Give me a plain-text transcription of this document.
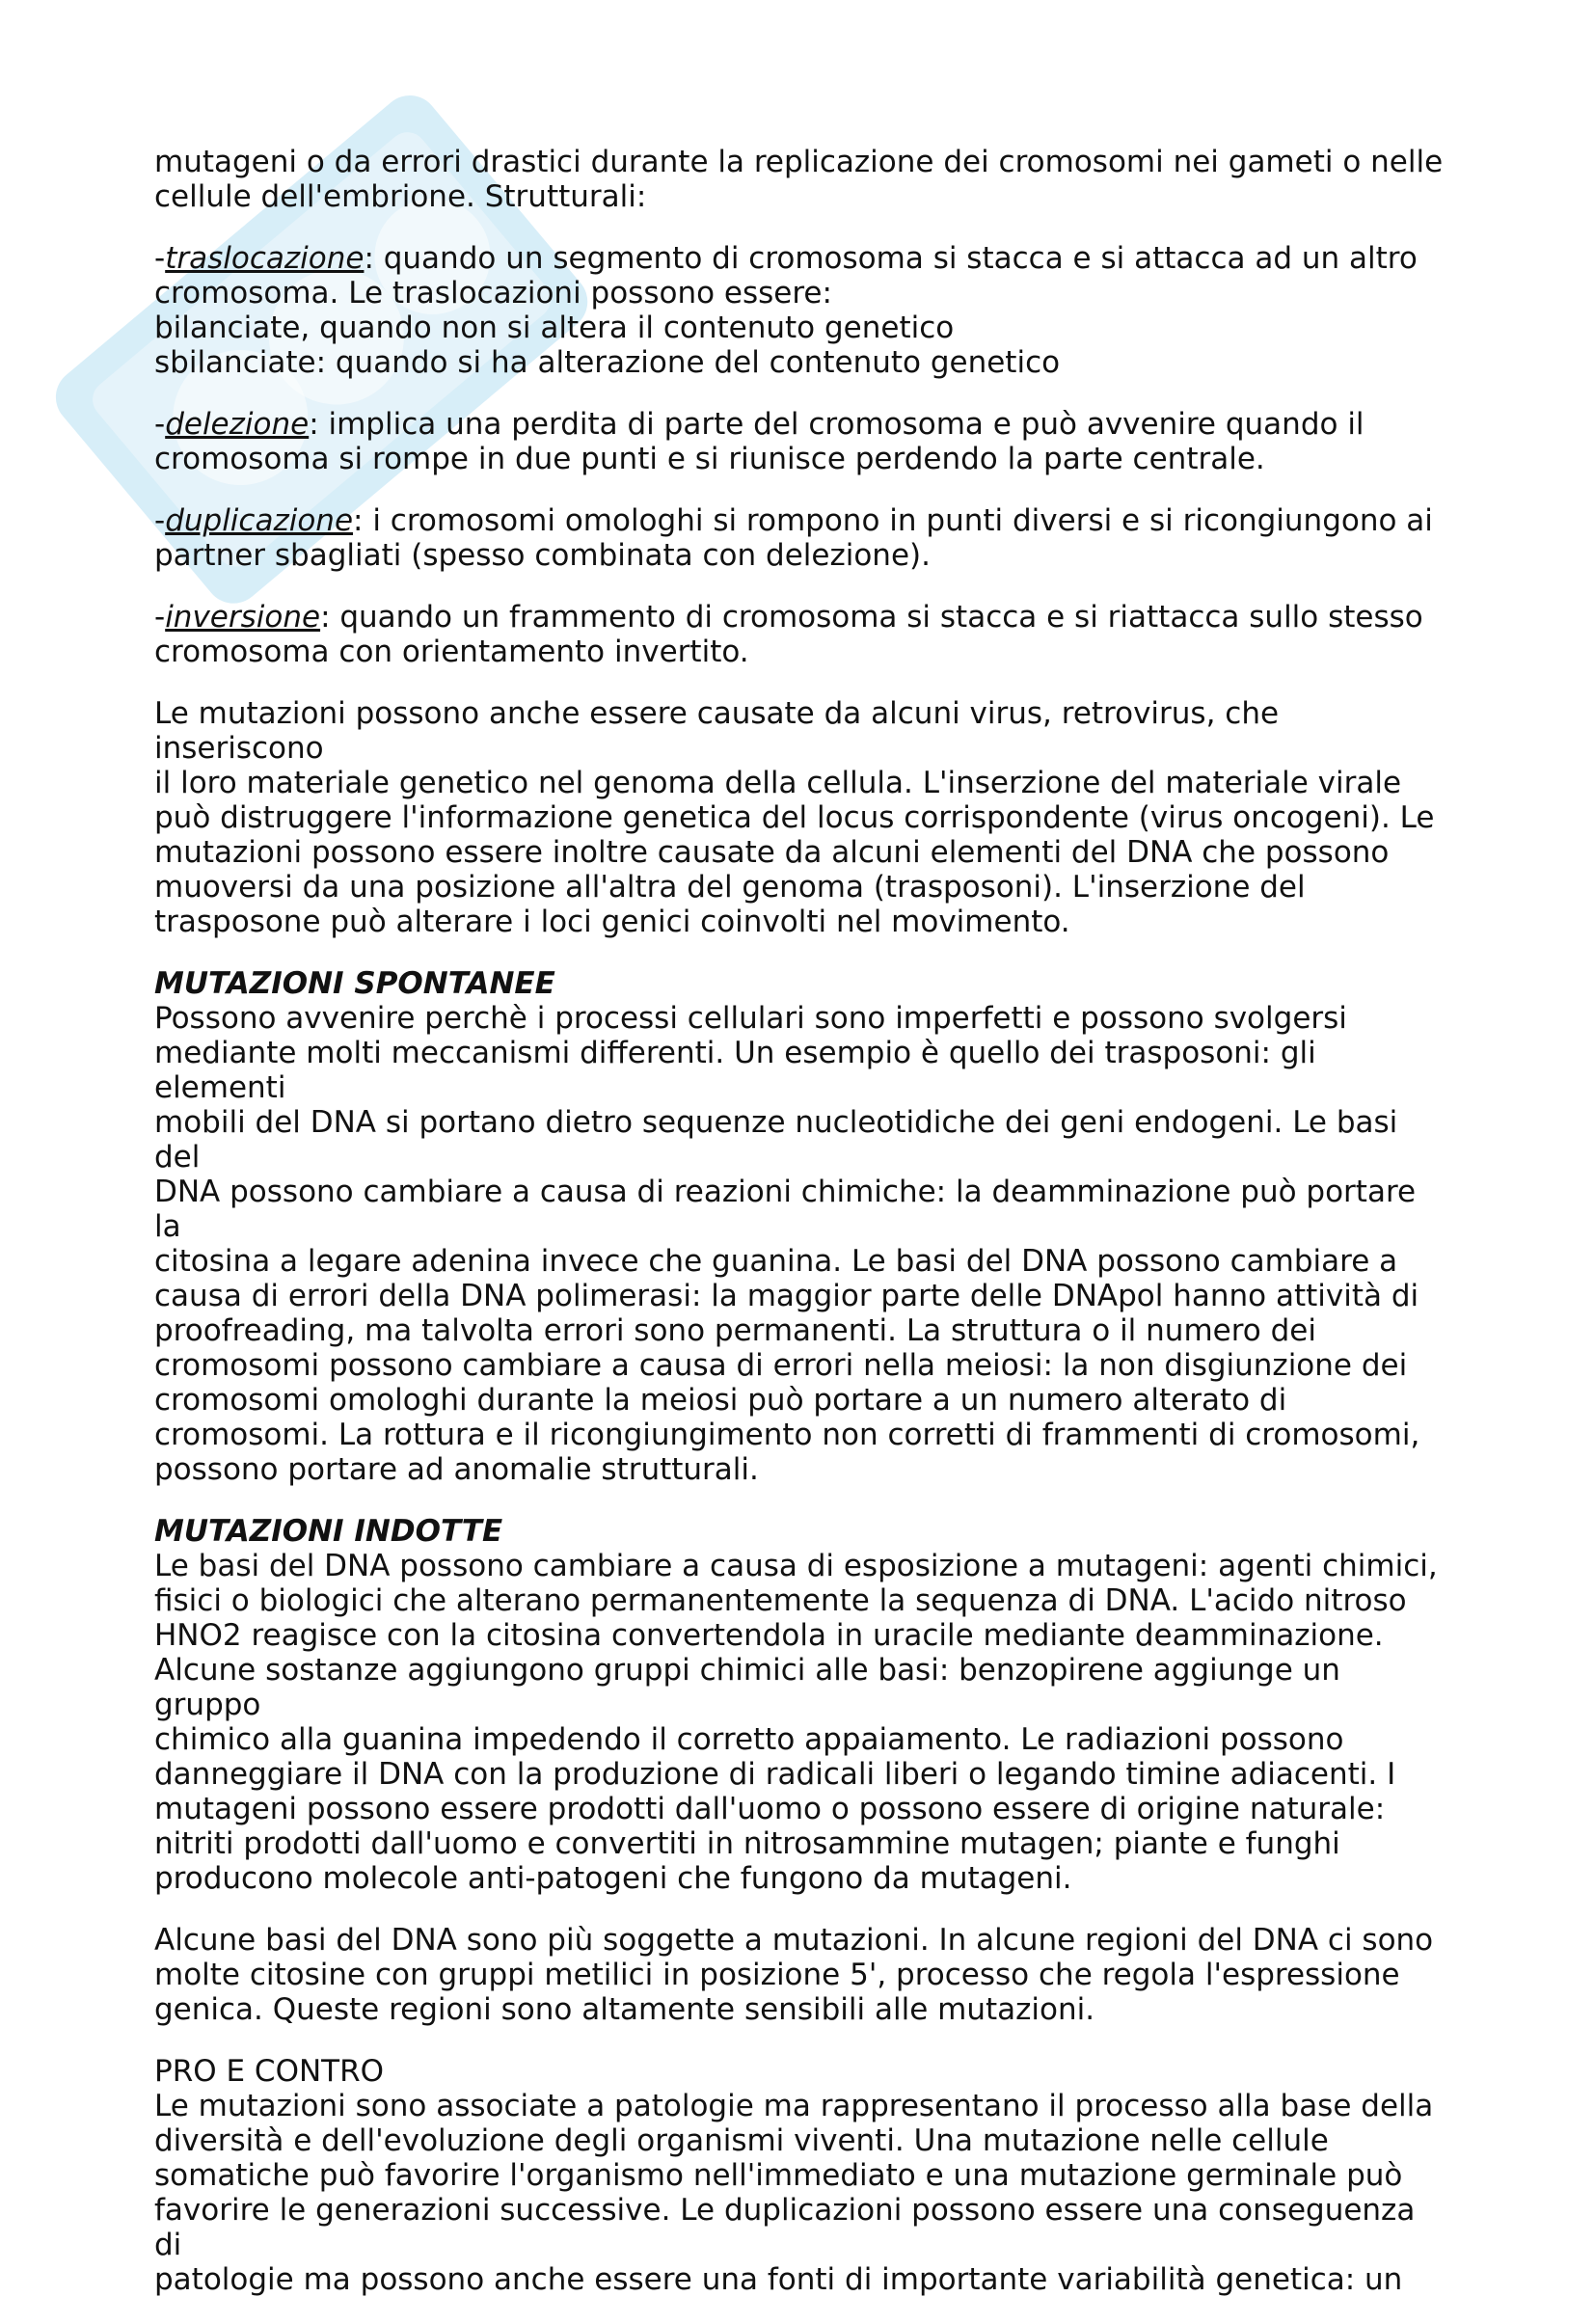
mutageni o da errori drastici durante la replicazione dei cromosomi nei gameti o nelle
cellule dell'embrione. Strutturali:

-traslocazione: quando un segmento di cromosoma si stacca e si attacca ad un altro
cromosoma. Le traslocazioni possono essere:
bilanciate, quando non si altera il contenuto genetico
sbilanciate: quando si ha alterazione del contenuto genetico

-delezione: implica una perdita di parte del cromosoma e può avvenire quando il
cromosoma si rompe in due punti e si riunisce perdendo la parte centrale.

-duplicazione: i cromosomi omologhi si rompono in punti diversi e si ricongiungono ai
partner sbagliati (spesso combinata con delezione).

-inversione: quando un frammento di cromosoma si stacca e si riattacca sullo stesso
cromosoma con orientamento invertito.

Le mutazioni possono anche essere causate da alcuni virus, retrovirus, che inseriscono
il loro materiale genetico nel genoma della cellula. L'inserzione del materiale virale
può distruggere l'informazione genetica del locus corrispondente (virus oncogeni). Le
mutazioni possono essere inoltre causate da alcuni elementi del DNA che possono
muoversi da una posizione all'altra del genoma (trasposoni). L'inserzione del
trasposone può alterare i loci genici coinvolti nel movimento.

MUTAZIONI SPONTANEE
Possono avvenire perchè i processi cellulari sono imperfetti e possono svolgersi
mediante molti meccanismi differenti. Un esempio è quello dei trasposoni: gli elementi
mobili del DNA si portano dietro sequenze nucleotidiche dei geni endogeni. Le basi del
DNA possono cambiare a causa di reazioni chimiche: la deamminazione può portare la
citosina a legare adenina invece che guanina. Le basi del DNA possono cambiare a
causa di errori della DNA polimerasi: la maggior parte delle DNApol hanno attività di
proofreading, ma talvolta errori sono permanenti. La struttura o il numero dei
cromosomi possono cambiare a causa di errori nella meiosi: la non disgiunzione dei
cromosomi omologhi durante la meiosi può portare a un numero alterato di
cromosomi. La rottura e il ricongiungimento non corretti di frammenti di cromosomi,
possono portare ad anomalie strutturali.

MUTAZIONI INDOTTE
Le basi del DNA possono cambiare a causa di esposizione a mutageni: agenti chimici,
fisici o biologici che alterano permanentemente la sequenza di DNA. L'acido nitroso
HNO2 reagisce con la citosina convertendola in uracile mediante deamminazione.
Alcune sostanze aggiungono gruppi chimici alle basi: benzopirene aggiunge un gruppo
chimico alla guanina impedendo il corretto appaiamento. Le radiazioni possono
danneggiare il DNA con la produzione di radicali liberi o legando timine adiacenti. I
mutageni possono essere prodotti dall'uomo o possono essere di origine naturale:
nitriti prodotti dall'uomo e convertiti in nitrosammine mutagen; piante e funghi
producono molecole anti-patogeni che fungono da mutageni.

Alcune basi del DNA sono più soggette a mutazioni. In alcune regioni del DNA ci sono
molte citosine con gruppi metilici in posizione 5', processo che regola l'espressione
genica. Queste regioni sono altamente sensibili alle mutazioni.

PRO E CONTRO
Le mutazioni sono associate a patologie ma rappresentano il processo alla base della
diversità e dell'evoluzione degli organismi viventi. Una mutazione nelle cellule
somatiche può favorire l'organismo nell'immediato e una mutazione germinale può
favorire le generazioni successive. Le duplicazioni possono essere una conseguenza di
patologie ma possono anche essere una fonti di importante variabilità genetica: un
